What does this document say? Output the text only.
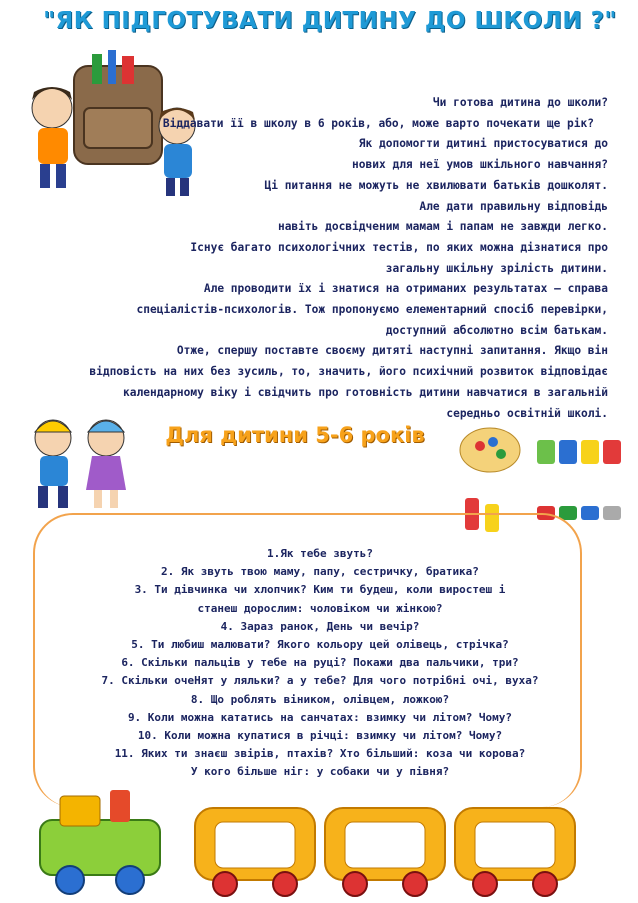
"ЯК ПІДГОТУВАТИ ДИТИНУ ДО ШКОЛИ ?"

Чи готова дитина до школи?

Віддавати її в школу в 6 років, або, може варто почекати ще рік?

Як допомогти дитині пристосуватися до

нових для неї умов шкільного навчання?

Ці питання не можуть не хвилювати батьків дошколят.

Але дати правильну відповідь

навіть досвідченим мамам і папам не завжди легко.

Існує багато психологічних тестів, по яких можна дізнатися про

загальну шкільну зрілість дитини.

Але проводити їх і знатися на отриманих результатах – справа

спеціалістів-психологів. Тож пропонуємо елементарний спосіб перевірки,

доступний абсолютно всім батькам.

Отже, спершу поставте своєму дитяті наступні запитання. Якщо він

відповість на них без зусиль, то, значить, його психічний розвиток відповідає

календарному віку і свідчить про готовність дитини навчатися в загальній

середньо освітній школі.

Для дитини 5-6 років

1.Як тебе звуть?

2. Як звуть твою маму, папу, сестричку, братика?

3. Ти дівчинка чи хлопчик? Ким ти будеш, коли виростеш і

станеш дорослим: чоловіком чи жінкою?

4. Зараз ранок, День чи вечір?

5. Ти любиш малювати? Якого кольору цей олівець, стрічка?

6. Скільки пальців у тебе на руці? Покажи два пальчики, три?

7. Скільки очеНят у ляльки? а у тебе? Для чого потрібні очі, вуха?

8. Що роблять віником, олівцем, ложкою?

9. Коли можна кататись на санчатах: взимку чи літом? Чому?

10. Коли можна купатися в річці: взимку чи літом? Чому?

11. Яких ти знаєш звірів, птахів? Хто більший: коза чи корова?

У кого більше ніг: у собаки чи у півня?
